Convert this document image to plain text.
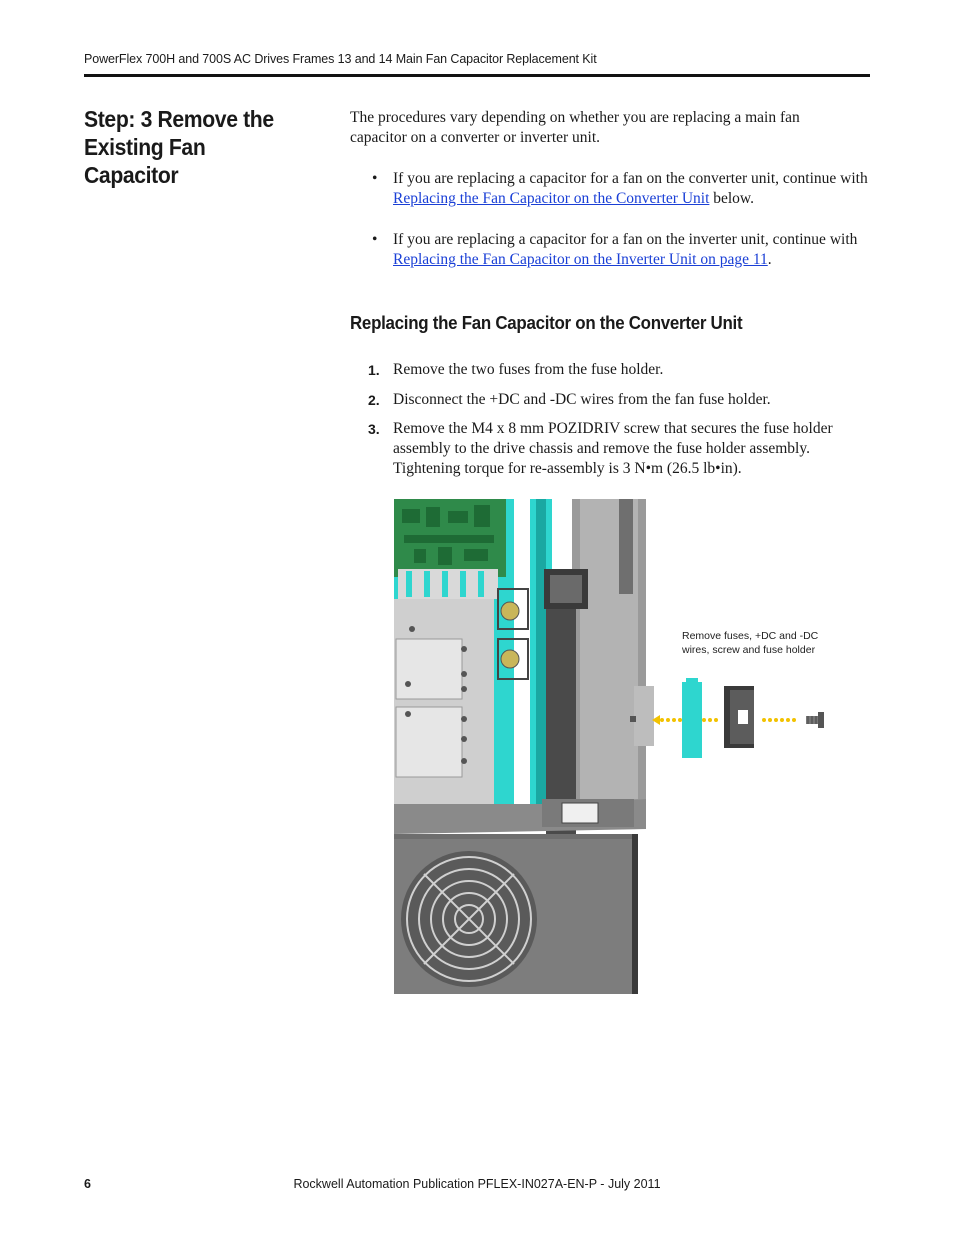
PowerFlex 700H and 700S AC Drives Frames 13 and 14 Main Fan Capacitor Replacement Kit
Step: 3 Remove the Existing Fan Capacitor
The procedures vary depending on whether you are replacing a main fan capacitor on a converter or inverter unit.
• If you are replacing a capacitor for a fan on the converter unit, continue with Replacing the Fan Capacitor on the Converter Unit below.
• If you are replacing a capacitor for a fan on the inverter unit, continue with Replacing the Fan Capacitor on the Inverter Unit on page 11.
Replacing the Fan Capacitor on the Converter Unit
1. Remove the two fuses from the fuse holder.
2. Disconnect the +DC and -DC wires from the fan fuse holder.
3. Remove the M4 x 8 mm POZIDRIV screw that secures the fuse holder assembly to the drive chassis and remove the fuse holder assembly. Tightening torque for re-assembly is 3 N•m (26.5 lb•in).
Remove fuses, +DC and -DC wires, screw and fuse holder
6	Rockwell Automation Publication PFLEX-IN027A-EN-P - July 2011
